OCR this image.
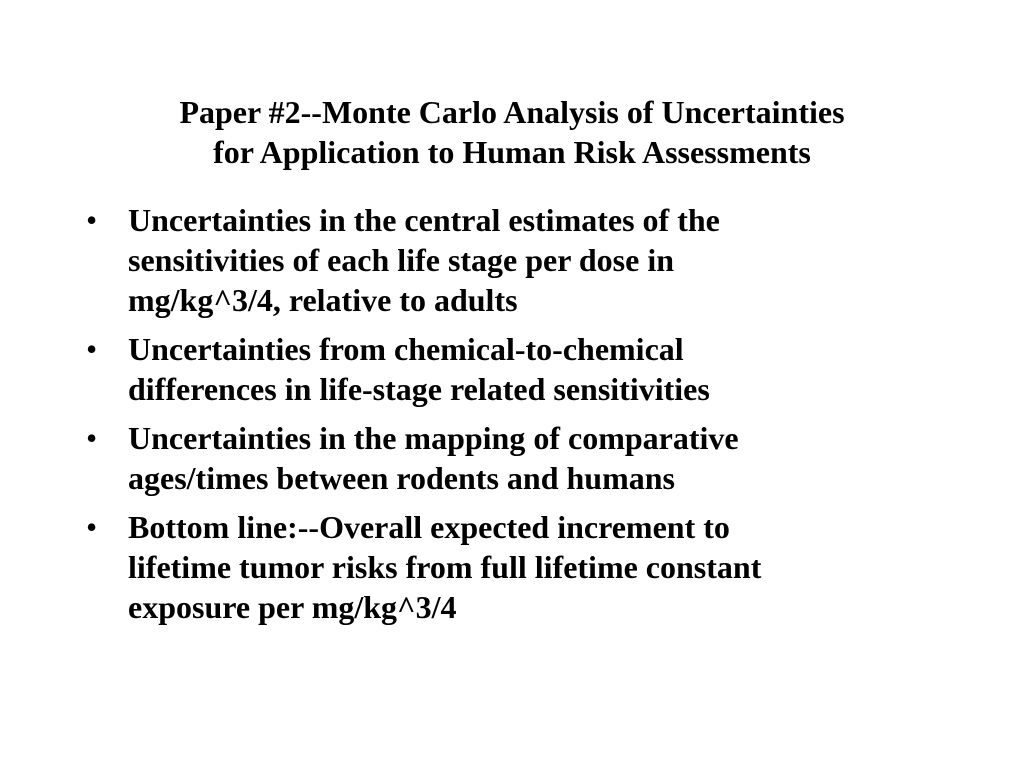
Paper #2--Monte Carlo Analysis of Uncertainties
for Application to Human Risk Assessments
• Uncertainties in the central estimates of the
sensitivities of each life stage per dose in
mg/kg^3/4, relative to adults
• Uncertainties from chemical-to-chemical
differences in life-stage related sensitivities
• Uncertainties in the mapping of comparative
ages/times between rodents and humans
• Bottom line:--Overall expected increment to
lifetime tumor risks from full lifetime constant
exposure per mg/kg^3/4
